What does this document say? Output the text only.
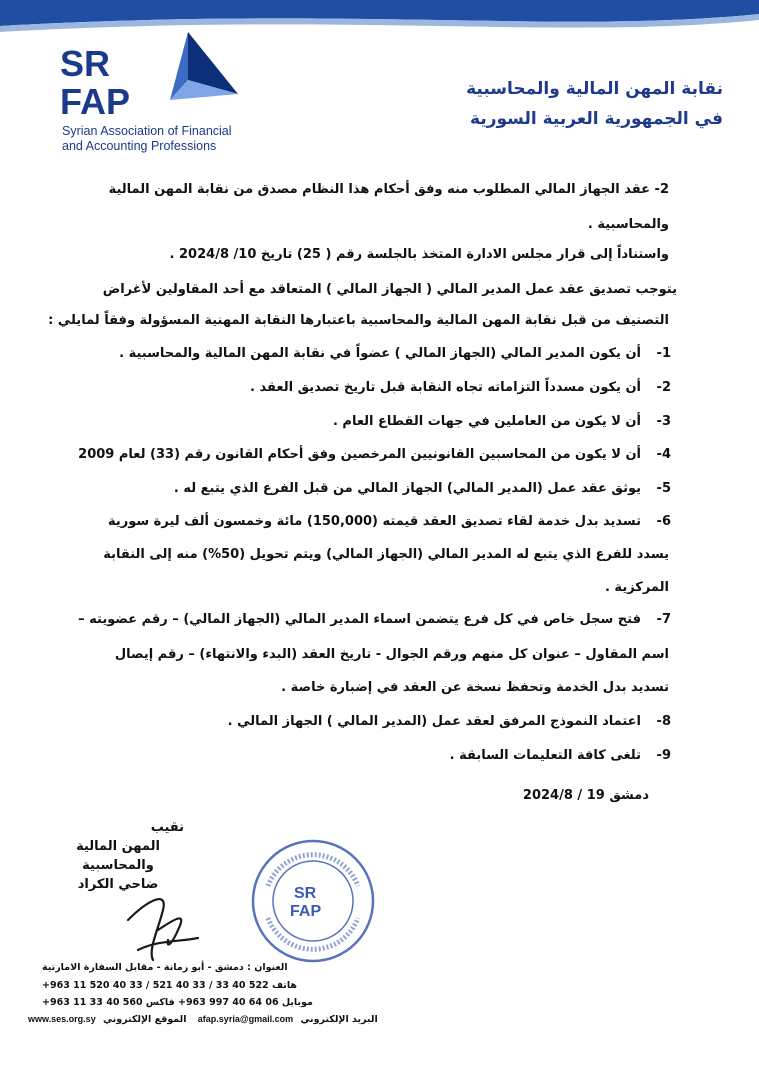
SR
FAP
Syrian Association of Financial
and Accounting Professions
نقابة المهن المالية والمحاسبية
في الجمهورية العربية السورية
2- عقد الجهاز المالي المطلوب منه وفق أحكام هذا النظام مصدق من نقابة المهن المالية
والمحاسبية .
واستناداً إلى قرار مجلس الادارة المتخذ بالجلسة رقم ( 25) تاريخ 10/ 2024/8 .
يتوجب تصديق عقد عمل المدير المالي ( الجهاز المالي ) المتعاقد مع أحد المقاولين لأغراض
التصنيف من قبل نقابة المهن المالية والمحاسبية باعتبارها النقابة المهنية المسؤولة وفقاً لمايلي :
1-
أن يكون المدير المالي (الجهاز المالي ) عضواً في نقابة المهن المالية والمحاسبية .
2-
أن يكون مسدداً التزاماته تجاه النقابة قبل تاريخ تصديق العقد .
3-
أن لا يكون من العاملين في جهات القطاع العام .
4-
أن لا يكون من المحاسبين القانونيين المرخصين وفق أحكام القانون رقم (33) لعام 2009
5-
يوثق عقد عمل (المدير المالي) الجهاز المالي من قبل الفرع الذي يتبع له .
6-
تسديد بدل خدمة لقاء تصديق العقد قيمته (150,000) مائة وخمسون ألف ليرة سورية
يسدد للفرع الذي يتبع له المدير المالي (الجهاز المالي) ويتم تحويل (50%) منه إلى النقابة
المركزية .
7-
فتح سجل خاص في كل فرع يتضمن اسماء المدير المالي (الجهاز المالي) – رقم عضويته –
اسم المقاول – عنوان كل منهم ورقم الجوال - تاريخ العقد (البدء والانتهاء) – رقم إيصال
تسديد بدل الخدمة وتحفظ نسخة عن العقد في إضبارة خاصة .
8-
اعتماد النموذج المرفق لعقد عمل (المدير المالي ) الجهاز المالي .
9-
تلغى كافة التعليمات السابقة .
دمشق 19 / 2024/8
نقيب
المهن المالية والمحاسبية
ضاحي الكراد
SR
FAP
العنوان : دمشق - أبو رمانة - مقابل السفارة الامارتية
هاتف 522 40 33 / 33 40 521 / 33 40 520 11 963+
موبايل 06 64 40 997 963+ فاكس 560 40 33 11 963+
www.ses.org.sy الموقع الإلكتروني afap.syria@gmail.com البريد الإلكتروني
